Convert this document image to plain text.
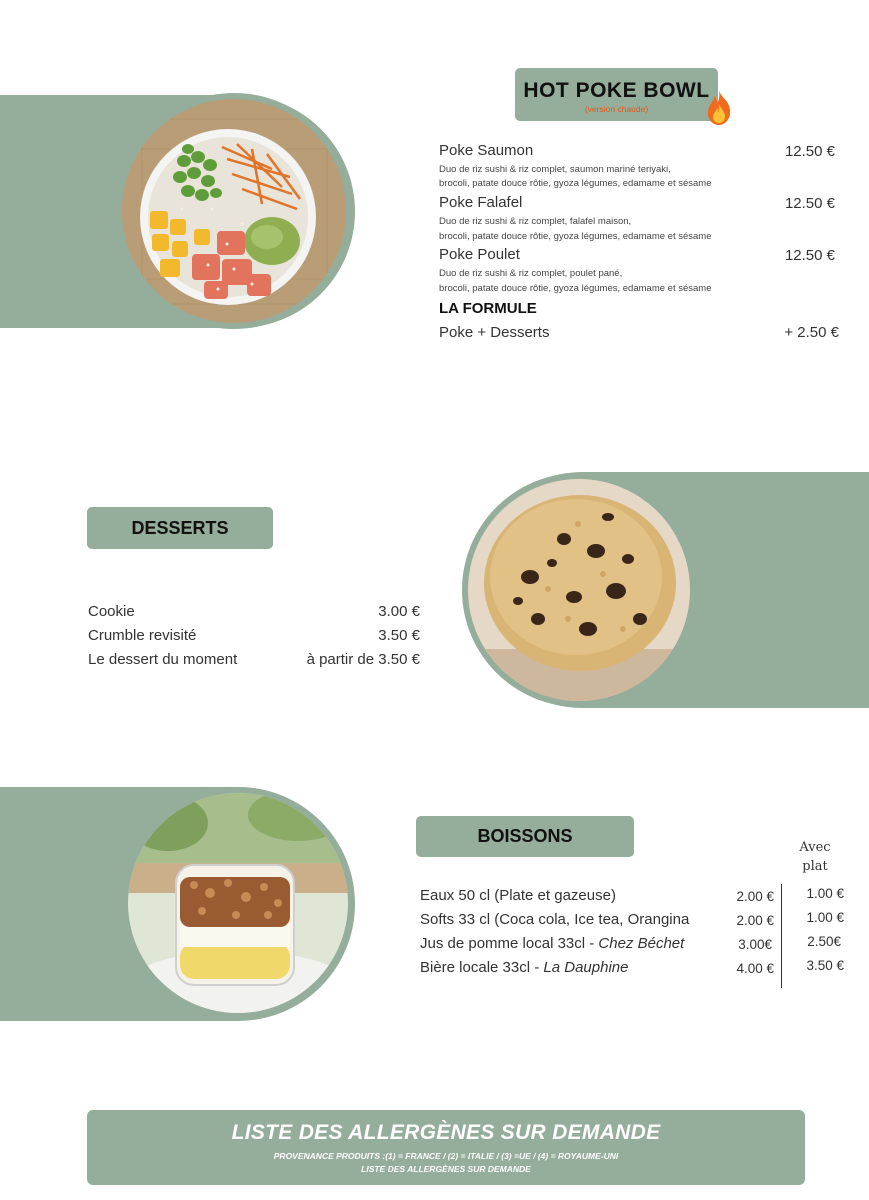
HOT POKE BOWL
(version chaude)
Poke Saumon
Duo de riz sushi & riz complet, saumon mariné teriyaki,
brocoli, patate douce rôtie, gyoza légumes, edamame et sésame
12.50 €
Poke Falafel
Duo de riz sushi & riz complet, falafel maison,
brocoli, patate douce rôtie, gyoza légumes, edamame et sésame
12.50 €
Poke Poulet
Duo de riz sushi & riz complet, poulet pané,
brocoli, patate douce rôtie, gyoza légumes, edamame et sésame
12.50 €
LA FORMULE
Poke + Desserts	+ 2.50 €
DESSERTS
Cookie	3.00 €
Crumble revisité	3.50 €
Le dessert du moment	à partir de 3.50 €
BOISSONS
Avec
plat
Eaux 50 cl (Plate et gazeuse)	2.00 € 1.00 €
Softs 33 cl (Coca cola, Ice tea, Orangina	2.00 € 1.00 €
Jus de pomme local 33cl - Chez Béchet	3.00€	2.50€
Bière locale 33cl - La Dauphine	4.00 € 3.50 €
LISTE DES ALLERGÈNES SUR DEMANDE
PROVENANCE PRODUITS :(1) = FRANCE / (2) = ITALIE / (3) =UE / (4) = ROYAUME-UNI
LISTE DES ALLERGÈNES SUR DEMANDE
